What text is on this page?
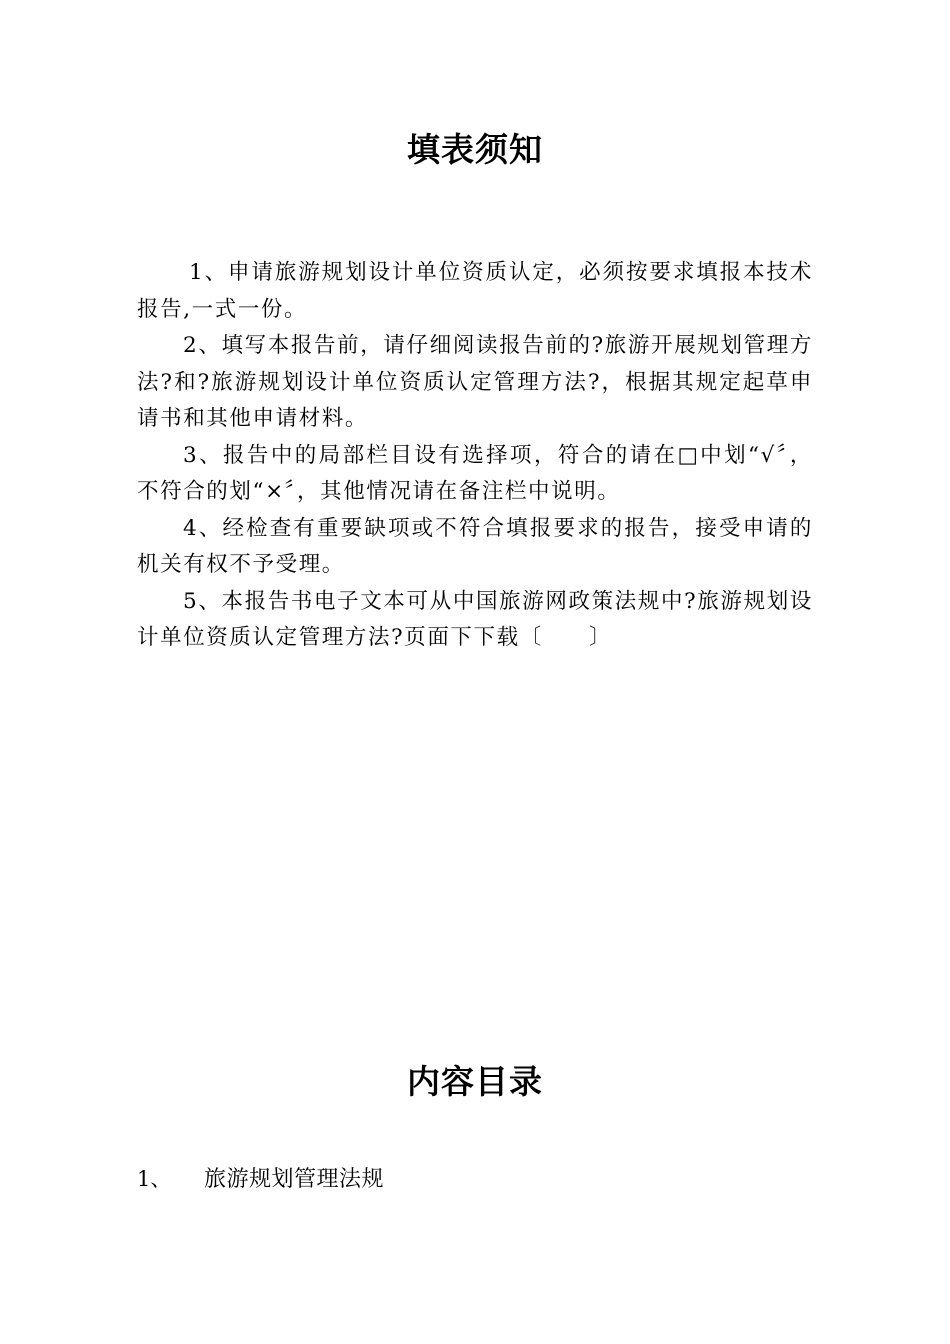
填表须知

1、申请旅游规划设计单位资质认定，必须按要求填报本技术报告,一式一份。

2、填写本报告前，请仔细阅读报告前的?旅游开展规划管理方法?和?旅游规划设计单位资质认定管理方法?，根据其规定起草申请书和其他申请材料。

3、报告中的局部栏目设有选择项，符合的请在□中划“√〞，不符合的划“×〞，其他情况请在备注栏中说明。

4、经检查有重要缺项或不符合填报要求的报告，接受申请的机关有权不予受理。

5、本报告书电子文本可从中国旅游网政策法规中?旅游规划设计单位资质认定管理方法?页面下下载〔　　〕

内容目录
1、	旅游规划管理法规
